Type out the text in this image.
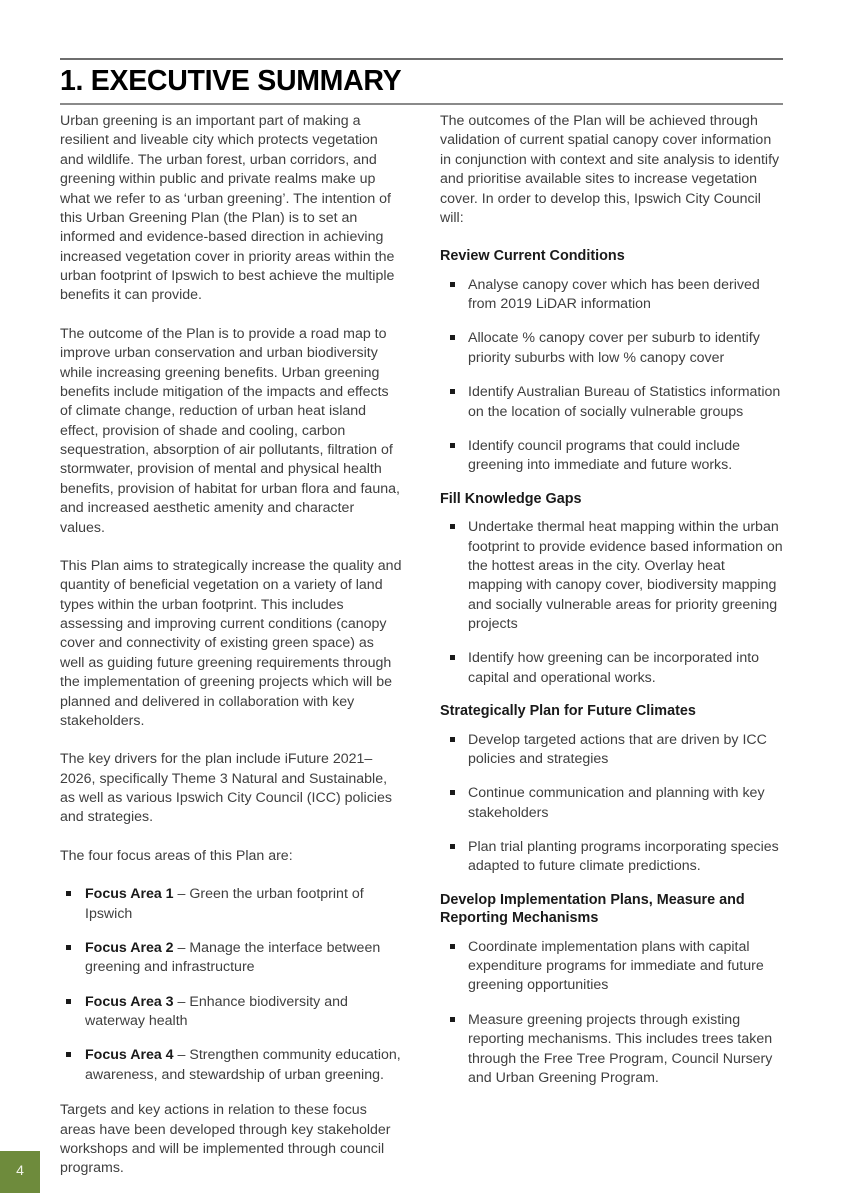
1. EXECUTIVE SUMMARY

Urban greening is an important part of making a resilient and liveable city which protects vegetation and wildlife. The urban forest, urban corridors, and greening within public and private realms make up what we refer to as ‘urban greening’. The intention of this Urban Greening Plan (the Plan) is to set an informed and evidence-based direction in achieving increased vegetation cover in priority areas within the urban footprint of Ipswich to best achieve the multiple benefits it can provide.

The outcome of the Plan is to provide a road map to improve urban conservation and urban biodiversity while increasing greening benefits. Urban greening benefits include mitigation of the impacts and effects of climate change, reduction of urban heat island effect, provision of shade and cooling, carbon sequestration, absorption of air pollutants, filtration of stormwater, provision of mental and physical health benefits, provision of habitat for urban flora and fauna, and increased aesthetic amenity and character values.

This Plan aims to strategically increase the quality and quantity of beneficial vegetation on a variety of land types within the urban footprint. This includes assessing and improving current conditions (canopy cover and connectivity of existing green space) as well as guiding future greening requirements through the implementation of greening projects which will be planned and delivered in collaboration with key stakeholders.

The key drivers for the plan include iFuture 2021–2026, specifically Theme 3 Natural and Sustainable, as well as various Ipswich City Council (ICC) policies and strategies.

The four focus areas of this Plan are:

Focus Area 1 – Green the urban footprint of Ipswich
Focus Area 2 – Manage the interface between greening and infrastructure
Focus Area 3 – Enhance biodiversity and waterway health
Focus Area 4 – Strengthen community education, awareness, and stewardship of urban greening.

Targets and key actions in relation to these focus areas have been developed through key stakeholder workshops and will be implemented through council programs.

The outcomes of the Plan will be achieved through validation of current spatial canopy cover information in conjunction with context and site analysis to identify and prioritise available sites to increase vegetation cover. In order to develop this, Ipswich City Council will:

Review Current Conditions
Analyse canopy cover which has been derived from 2019 LiDAR information
Allocate % canopy cover per suburb to identify priority suburbs with low % canopy cover
Identify Australian Bureau of Statistics information on the location of socially vulnerable groups
Identify council programs that could include greening into immediate and future works.
Fill Knowledge Gaps
Undertake thermal heat mapping within the urban footprint to provide evidence based information on the hottest areas in the city. Overlay heat mapping with canopy cover, biodiversity mapping and socially vulnerable areas for priority greening projects
Identify how greening can be incorporated into capital and operational works.
Strategically Plan for Future Climates
Develop targeted actions that are driven by ICC policies and strategies
Continue communication and planning with key stakeholders
Plan trial planting programs incorporating species adapted to future climate predictions.
Develop Implementation Plans, Measure and Reporting Mechanisms
Coordinate implementation plans with capital expenditure programs for immediate and future greening opportunities
Measure greening projects through existing reporting mechanisms. This includes trees taken through the Free Tree Program, Council Nursery and Urban Greening Program.
4
